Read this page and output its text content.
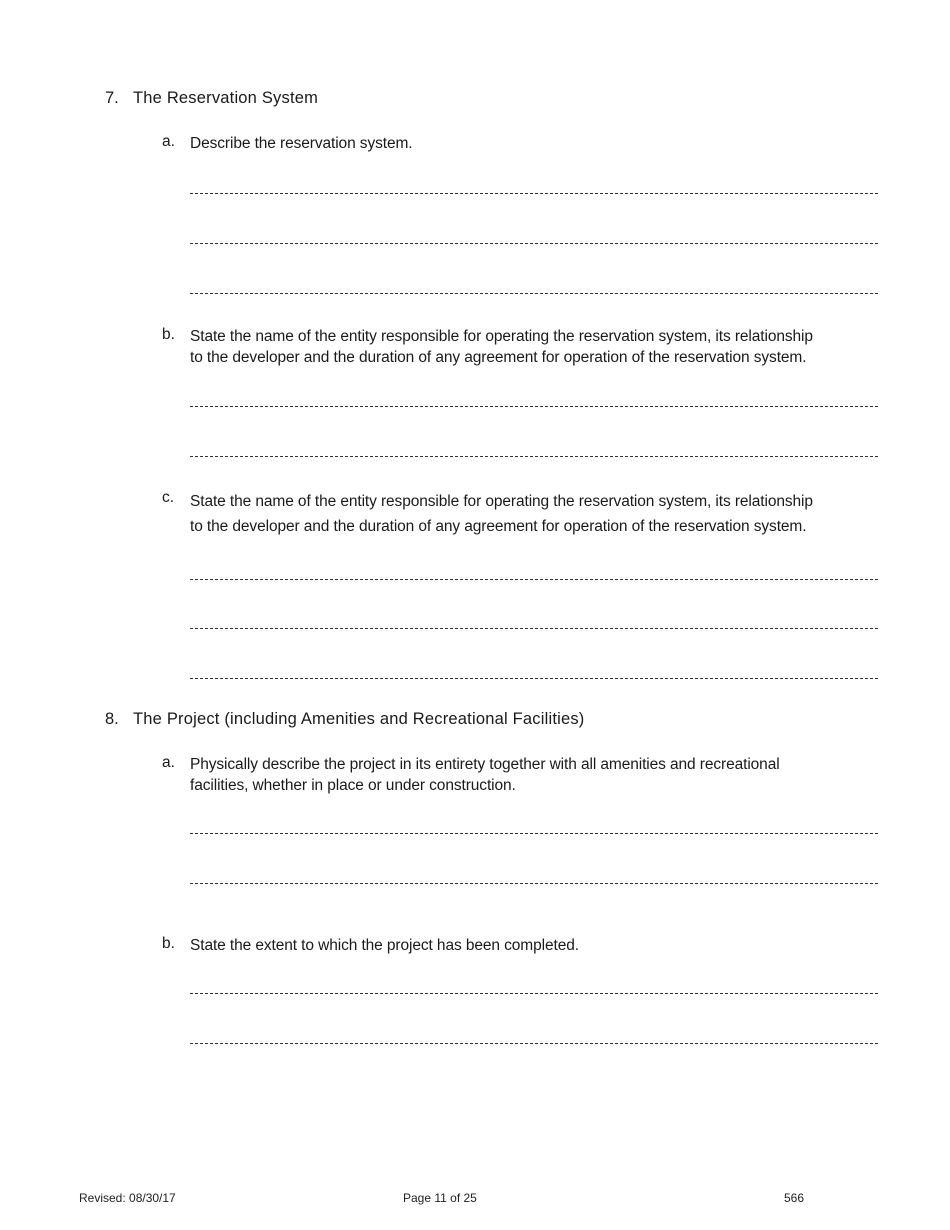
7. The Reservation System
a. Describe the reservation system.
b. State the name of the entity responsible for operating the reservation system, its relationship
to the developer and the duration of any agreement for operation of the reservation system.
c. State the name of the entity responsible for operating the reservation system, its relationship
to the developer and the duration of any agreement for operation of the reservation system.
8. The Project (including Amenities and Recreational Facilities)
a. Physically describe the project in its entirety together with all amenities and recreational
facilities, whether in place or under construction.
b. State the extent to which the project has been completed.
Revised: 08/30/17	Page 11 of 25	566
